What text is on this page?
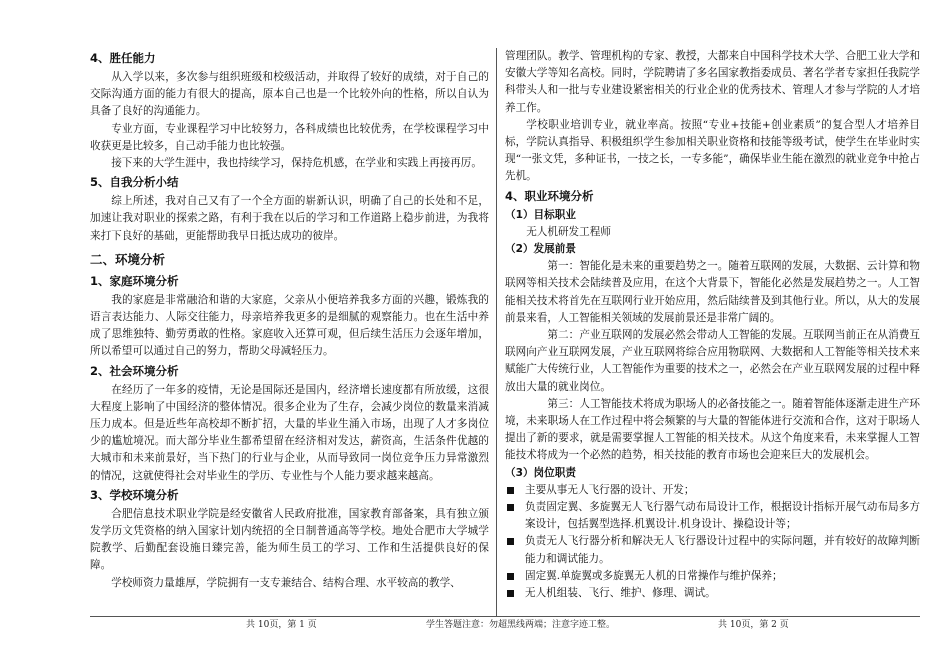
4、胜任能力

从入学以来，多次参与组织班级和校级活动，并取得了较好的成绩，对于自己的交际沟通方面的能力有很大的提高，原本自己也是一个比较外向的性格，所以自认为具备了良好的沟通能力。

专业方面，专业课程学习中比较努力，各科成绩也比较优秀，在学校课程学习中收获更是比较多，自己动手能力也比较强。

接下来的大学生涯中，我也持续学习，保持危机感，在学业和实践上再接再厉。

5、自我分析小结

综上所述，我对自己又有了一个全方面的崭新认识，明确了自己的长处和不足，加速让我对职业的探索之路，有利于我在以后的学习和工作道路上稳步前进，为我将来打下良好的基础，更能帮助我早日抵达成功的彼岸。

二、环境分析
1、家庭环境分析

我的家庭是非常融洽和谐的大家庭，父亲从小便培养我多方面的兴趣，锻炼我的语言表达能力、人际交往能力，母亲培养我更多的是细腻的观察能力。也在生活中养成了思维独特、勤劳勇敢的性格。家庭收入还算可观，但后续生活压力会逐年增加，所以希望可以通过自己的努力，帮助父母减轻压力。

2、社会环境分析

在经历了一年多的疫情，无论是国际还是国内，经济增长速度都有所放缓，这很大程度上影响了中国经济的整体情况。很多企业为了生存，会减少岗位的数量来消减压力成本。但是近些年高校却不断扩招，大量的毕业生涌入市场，出现了人才多岗位少的尴尬境况。而大部分毕业生都希望留在经济相对发达，薪资高，生活条件优越的大城市和未来前景好，当下热门的行业与企业，从而导致同一岗位竞争压力异常激烈的情况，这就使得社会对毕业生的学历、专业性与个人能力要求越来越高。

3、学校环境分析

合肥信息技术职业学院是经安徽省人民政府批准，国家教育部备案，具有独立颁发学历文凭资格的纳入国家计划内统招的全日制普通高等学校。地处合肥市大学城学院教学、后勤配套设施日臻完善，能为师生员工的学习、工作和生活提供良好的保障。

学校师资力量雄厚，学院拥有一支专兼结合、结构合理、水平较高的教学、

管理团队。教学、管理机构的专家、教授，大都来自中国科学技术大学、合肥工业大学和安徽大学等知名高校。同时，学院聘请了多名国家教指委成员、著名学者专家担任我院学科带头人和一批与专业建设紧密相关的行业企业的优秀技术、管理人才参与学院的人才培养工作。

学校职业培训专业，就业率高。按照“专业+技能+创业素质”的复合型人才培养目标，学院认真指导、积极组织学生参加相关职业资格和技能等级考试，使学生在毕业时实现“一张文凭，多种证书，一技之长，一专多能”，确保毕业生能在激烈的就业竞争中抢占先机。

4、职业环境分析
（1）目标职业

无人机研发工程师

（2）发展前景

第一：智能化是未来的重要趋势之一。随着互联网的发展，大数据、云计算和物联网等相关技术会陆续普及应用，在这个大背景下，智能化必然是发展趋势之一。人工智能相关技术将首先在互联网行业开始应用，然后陆续普及到其他行业。所以，从大的发展前景来看，人工智能相关领域的发展前景还是非常广阔的。

第二：产业互联网的发展必然会带动人工智能的发展。互联网当前正在从消费互联网向产业互联网发展，产业互联网将综合应用物联网、大数据和人工智能等相关技术来赋能广大传统行业，人工智能作为重要的技术之一，必然会在产业互联网发展的过程中释放出大量的就业岗位。

第三：人工智能技术将成为职场人的必备技能之一。随着智能体逐渐走进生产环境，未来职场人在工作过程中将会频繁的与大量的智能体进行交流和合作，这对于职场人提出了新的要求，就是需要掌握人工智能的相关技术。从这个角度来看，未来掌握人工智能技术将成为一个必然的趋势，相关技能的教育市场也会迎来巨大的发展机会。

（3）岗位职责
主要从事无人飞行器的设计、开发；
负责固定翼、多旋翼无人飞行器气动布局设计工作，根据设计指标开展气动布局多方案设计，包括翼型选择.机翼设计.机身设计、操稳设计等；
负责无人飞行器分析和解决无人飞行器设计过程中的实际问题，并有较好的故障判断能力和调试能力。
固定翼.单旋翼或多旋翼无人机的日常操作与维护保养；
无人机组装、飞行、维护、修理、调试。
共 10页，第 1 页	学生答题注意：勿超黑线两端；注意字迹工整。	共 10页，第 2 页
